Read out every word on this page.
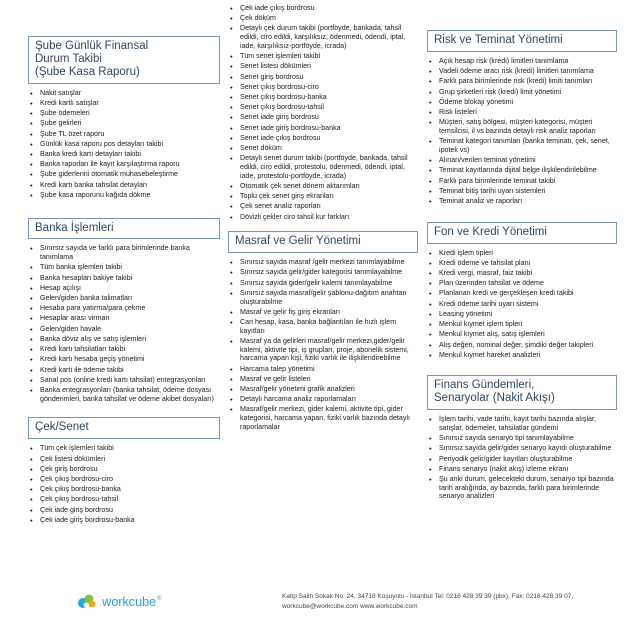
Şube Günlük Finansal
Durum Takibi
(Şube Kasa Raporu)
• Nakit satışlar
• Kredi kartlı satışlar
• Şube ödemeleri
• Şube gelirleri
• Şube TL özet raporu
• Günlük kasa raporu pos detayları takibi
• Banka kredi kartı detayları takibi
• Banka raporları ile kayıt karşılaştırma raporu
• Şube giderlerini otomatik muhasebeleştirme
• Kredi kartı banka tahsilat detayları
• Şube kasa raporunu kağıda dökme
Banka İşlemleri
• Sınırsız sayıda ve farklı para birimlerinde banka tanımlama
• Tüm banka işlemleri takibi
• Banka hesapları bakiye takibi
• Hesap açılışı
• Gelen/giden banka talimatları
• Hesaba para yatırma/para çekme
• Hesaplar arası virman
• Gelen/giden havale
• Banka döviz alış ve satış işlemleri
• Kredi kartı tahsilatları takibi
• Kredi kartı hesaba geçiş yönetimi
• Kredi kartı ile ödeme takibi
• Sanal pos (online kredi kartı tahsilat) entegrasyonları
• Banka entegrasyonları (banka tahsilat, ödeme dosyası gönderimleri, banka tahsilat ve ödeme akibet dosyaları)
Çek/Senet
• Tüm çek işlemleri takibi
• Çek listesi dökümleri
• Çek giriş bordrosu
• Çek çıkış bordrosu-ciro
• Çek çıkış bordrosu-banka
• Çek çıkış bordrosu-tahsil
• Çek iade giriş bordrosu
• Çek iade giriş bordrosu-banka
• Çek iade çıkış bordrosu
• Çek döküm
• Detaylı çek durum takibi (portföyde, bankada, tahsil edildi, ciro edildi, karşılıksız, ödenmedi, ödendi, iptal, iade, karşılıksız-portföyde, icrada)
• Tüm senet işlemleri takibi
• Senet listesi dökümleri
• Senet giriş bordrosu
• Senet çıkış bordrosu-ciro
• Senet çıkış bordrosu-banka
• Senet çıkış bordrosu-tahsil
• Senet iade giriş bordrosu
• Senet iade giriş bordrosu-banka
• Senet iade çıkış bordrosu
• Senet döküm
• Detaylı senet durum takibi (portföyde, bankada, tahsil edildi, ciro edildi, protestolu, ödenmedi, ödendi, iptal, iade, protestolu-portföyde, icrada)
• Otomatik çek senet dönem aktarımları
• Toplu çek senet giriş ekranları
• Çek senet analiz raporları
• Dövizli çekler ciro tahsil kur farkları
Masraf ve Gelir Yönetimi
• Sınırsız sayıda masraf /gelir merkezi tanımlayabilme
• Sınırsız sayıda gelir/gider kategorisi tanımlayabilme
• Sınırsız sayıda gider/gelir kalemi tanımlayabilme
• Sınırsız sayıda masraf/gelir şablonu-dağıtım anahtarı oluşturabilme
• Masraf ve gelir fiş giriş ekranları
• Cari hesap, kasa, banka bağlantıları ile hızlı işlem kayıtları
• Masraf ya da gelirleri masraf/gelir merkezi,gider/gelir kalemi, aktivite tipi, iş grupları, proje, abonelik sistemi, harcama yapan kişi, fiziki varlık ile ilişkilendirebilme
• Harcama talep yönetimi
• Masraf ve gelir listeleri
• Masraf/gelir yönetimi grafik analizleri
• Detaylı harcama analiz raporlamaları
• Masraf/gelir merkezi, gider kalemi, aktivite tipi, gider kategorisi, harcama yapan, fiziki varlık bazında detaylı raporlamalar
Risk ve Teminat Yönetimi
• Açık hesap risk (kredi) limitleri tanımlama
• Vadeli ödeme aracı risk (kredi) limitleri tanımlama
• Farklı para birimlerinde risk (kredi) limiti tanımları
• Grup şirketleri risk (kredi) limit yönetimi
• Ödeme blokajı yönetimi
• Risk listeleri
• Müşteri, satış bölgesi, müşteri kategorisi, müşteri temsilcisi, il vs bazında detaylı risk analiz raporları
• Teminat kategori tanımları (banka teminatı, çek, senet, ipotek vs)
• Alınan/verilen teminat yönetimi
• Teminat kayıtlarında dijital belge ilişkilendirilebilme
• Farklı para birimlerinde teminat takibi
• Teminat bitiş tarihi uyarı sistemleri
• Teminat analiz ve raporları
Fon ve Kredi Yönetimi
• Kredi işlem tipleri
• Kredi ödeme ve tahsilat planı
• Kredi vergi, masraf, faiz takibi
• Plan üzerinden tahsilat ve ödeme
• Planlanan kredi ve gerçekleşen kredi takibi
• Kredi ödeme tarihi uyarı sistemi
• Leasing yönetimi
• Menkul kıymet işlem tipleri
• Menkul kıymet alış, satış işlemleri
• Alış değeri, nominal değer, şimdiki değer takipleri
• Menkul kıymet hareket analizleri
Finans Gündemleri,
Senaryolar (Nakit Akışı)
• İşlem tarihi, vade tarihi, kayıt tarihi bazında alışlar, satışlar, ödemeler, tahsilatlar gündemi
• Sınırsız sayıda senaryo tipi tanımlayabilme
• Sınırsız sayıda gelir/gider senaryo kayıdı oluşturabilme
• Periyodik gelir/gider kayıtları oluşturabilme
• Finans senaryo (nakit akış) izleme ekranı
• Şu anki durum, gelecekteki durum, senaryo tipi bazında tarih aralığında, ay bazında, farklı para birimlerinde senaryo analizleri
workcube ®	Katip Salih Sokak No: 24, 34718 Koşuyolu - İstanbul Tel: 0216 428 39 39 (pbx), Fax: 0216 428 39 07,
workcube@workcube.com www.workcube.com
